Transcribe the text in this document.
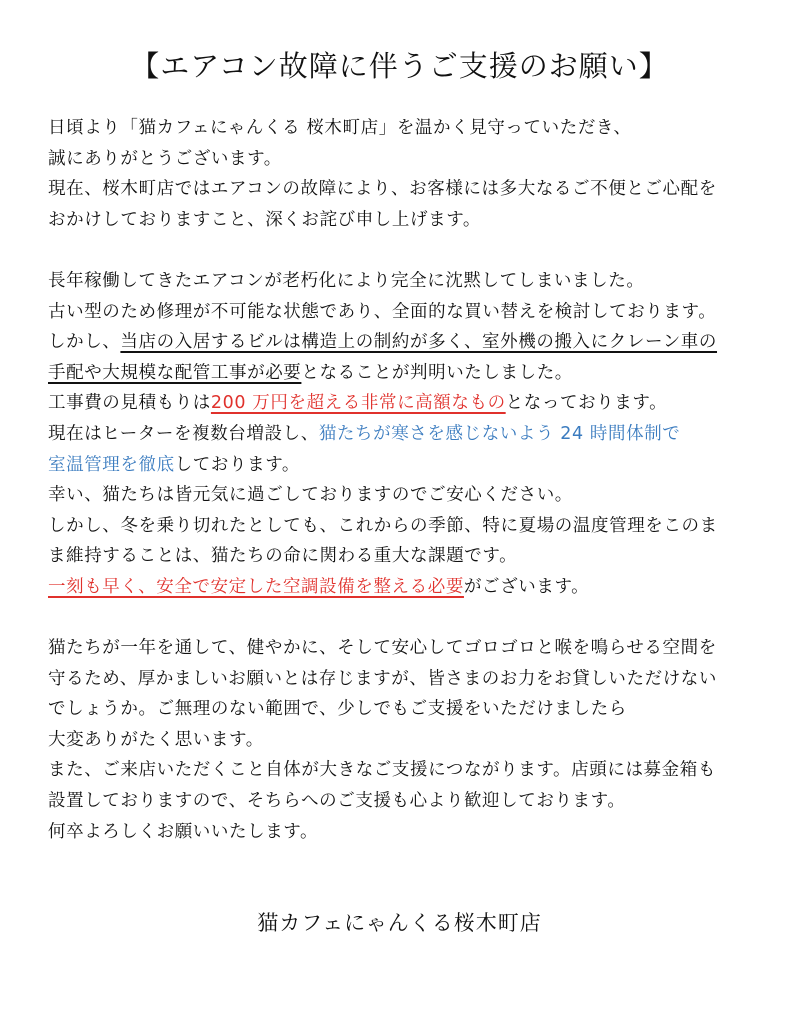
【エアコン故障に伴うご支援のお願い】
日頃より「猫カフェにゃんくる 桜木町店」を温かく見守っていただき、
誠にありがとうございます。
現在、桜木町店ではエアコンの故障により、お客様には多大なるご不便とご心配を
おかけしておりますこと、深くお詫び申し上げます。
長年稼働してきたエアコンが老朽化により完全に沈黙してしまいました。
古い型のため修理が不可能な状態であり、全面的な買い替えを検討しております。
しかし、当店の入居するビルは構造上の制約が多く、室外機の搬入にクレーン車の
手配や大規模な配管工事が必要となることが判明いたしました。
工事費の見積もりは200 万円を超える非常に高額なものとなっております。
現在はヒーターを複数台増設し、猫たちが寒さを感じないよう 24 時間体制で
室温管理を徹底しております。
幸い、猫たちは皆元気に過ごしておりますのでご安心ください。
しかし、冬を乗り切れたとしても、これからの季節、特に夏場の温度管理をこのま
ま維持することは、猫たちの命に関わる重大な課題です。
一刻も早く、安全で安定した空調設備を整える必要がございます。
猫たちが一年を通して、健やかに、そして安心してゴロゴロと喉を鳴らせる空間を
守るため、厚かましいお願いとは存じますが、皆さまのお力をお貸しいただけない
でしょうか。ご無理のない範囲で、少しでもご支援をいただけましたら
大変ありがたく思います。
また、ご来店いただくこと自体が大きなご支援につながります。店頭には募金箱も
設置しておりますので、そちらへのご支援も心より歓迎しております。
何卒よろしくお願いいたします。
猫カフェにゃんくる桜木町店
